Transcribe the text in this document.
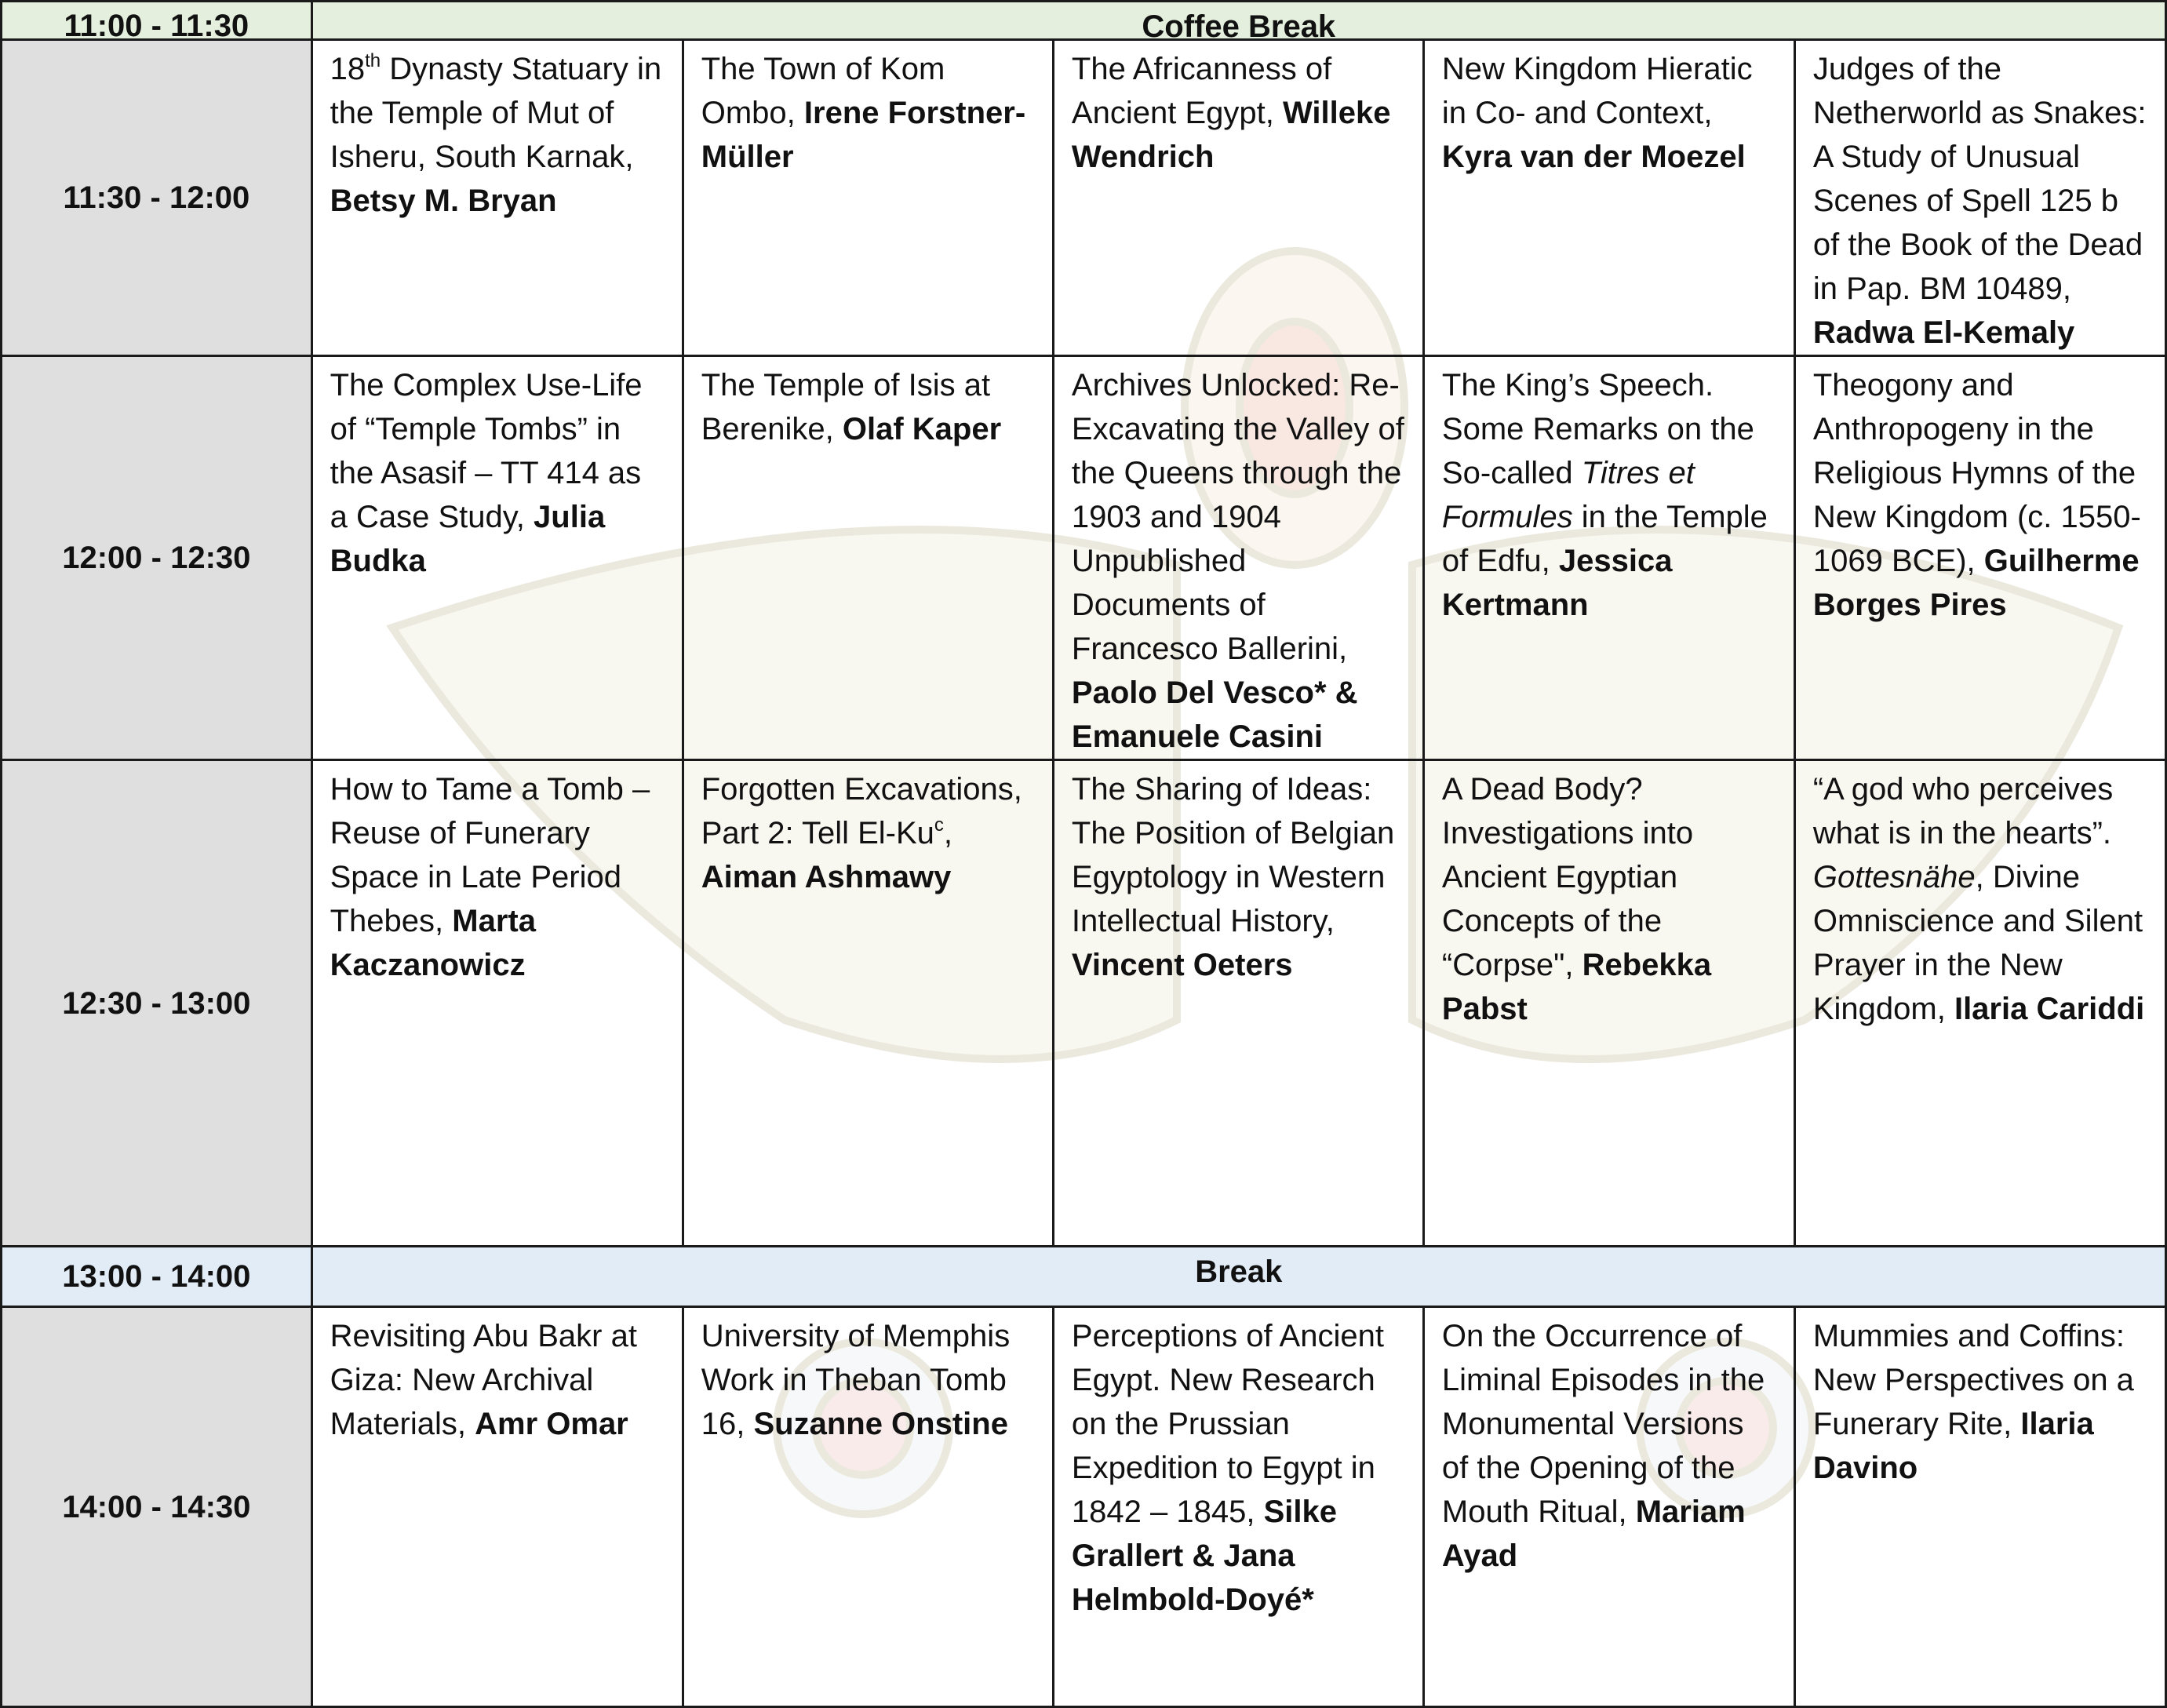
11:00 - 11:30	Coffee Break				
11:30 - 12:00	18th Dynasty Statuary in the Temple of Mut of Isheru, South Karnak, Betsy M. Bryan	The Town of Kom Ombo, Irene Forstner-Müller	The Africanness of Ancient Egypt, Willeke Wendrich	New Kingdom Hieratic in Co- and Context, Kyra van der Moezel	Judges of the Netherworld as Snakes: A Study of Unusual Scenes of Spell 125 b of the Book of the Dead in Pap. BM 10489, Radwa El-Kemaly
12:00 - 12:30	The Complex Use-Life of “Temple Tombs” in the Asasif – TT 414 as a Case Study, Julia Budka	The Temple of Isis at Berenike, Olaf Kaper	Archives Unlocked: Re-Excavating the Valley of the Queens through the 1903 and 1904 Unpublished Documents of Francesco Ballerini, Paolo Del Vesco* & Emanuele Casini	The King’s Speech. Some Remarks on the So-called Titres et Formules in the Temple of Edfu, Jessica Kertmann	Theogony and Anthropogeny in the Religious Hymns of the New Kingdom (c. 1550-1069 BCE), Guilherme Borges Pires
12:30 - 13:00	How to Tame a Tomb – Reuse of Funerary Space in Late Period Thebes, Marta Kaczanowicz	Forgotten Excavations, Part 2: Tell El-Ku$^c$, Aiman Ashmawy	The Sharing of Ideas: The Position of Belgian Egyptology in Western Intellectual History, Vincent Oeters	A Dead Body? Investigations into Ancient Egyptian Concepts of the “Corpse", Rebekka Pabst	“A god who perceives what is in the hearts”. Gottesnähe, Divine Omniscience and Silent Prayer in the New Kingdom, Ilaria Cariddi
13:00 - 14:00	Break				
14:00 - 14:30	Revisiting Abu Bakr at Giza: New Archival Materials, Amr Omar	University of Memphis Work in Theban Tomb 16, Suzanne Onstine	Perceptions of Ancient Egypt. New Research on the Prussian Expedition to Egypt in 1842 – 1845, Silke Grallert & Jana Helmbold-Doyé*	On the Occurrence of Liminal Episodes in the Monumental Versions of the Opening of the Mouth Ritual, Mariam Ayad	Mummies and Coffins: New Perspectives on a Funerary Rite, Ilaria Davino
